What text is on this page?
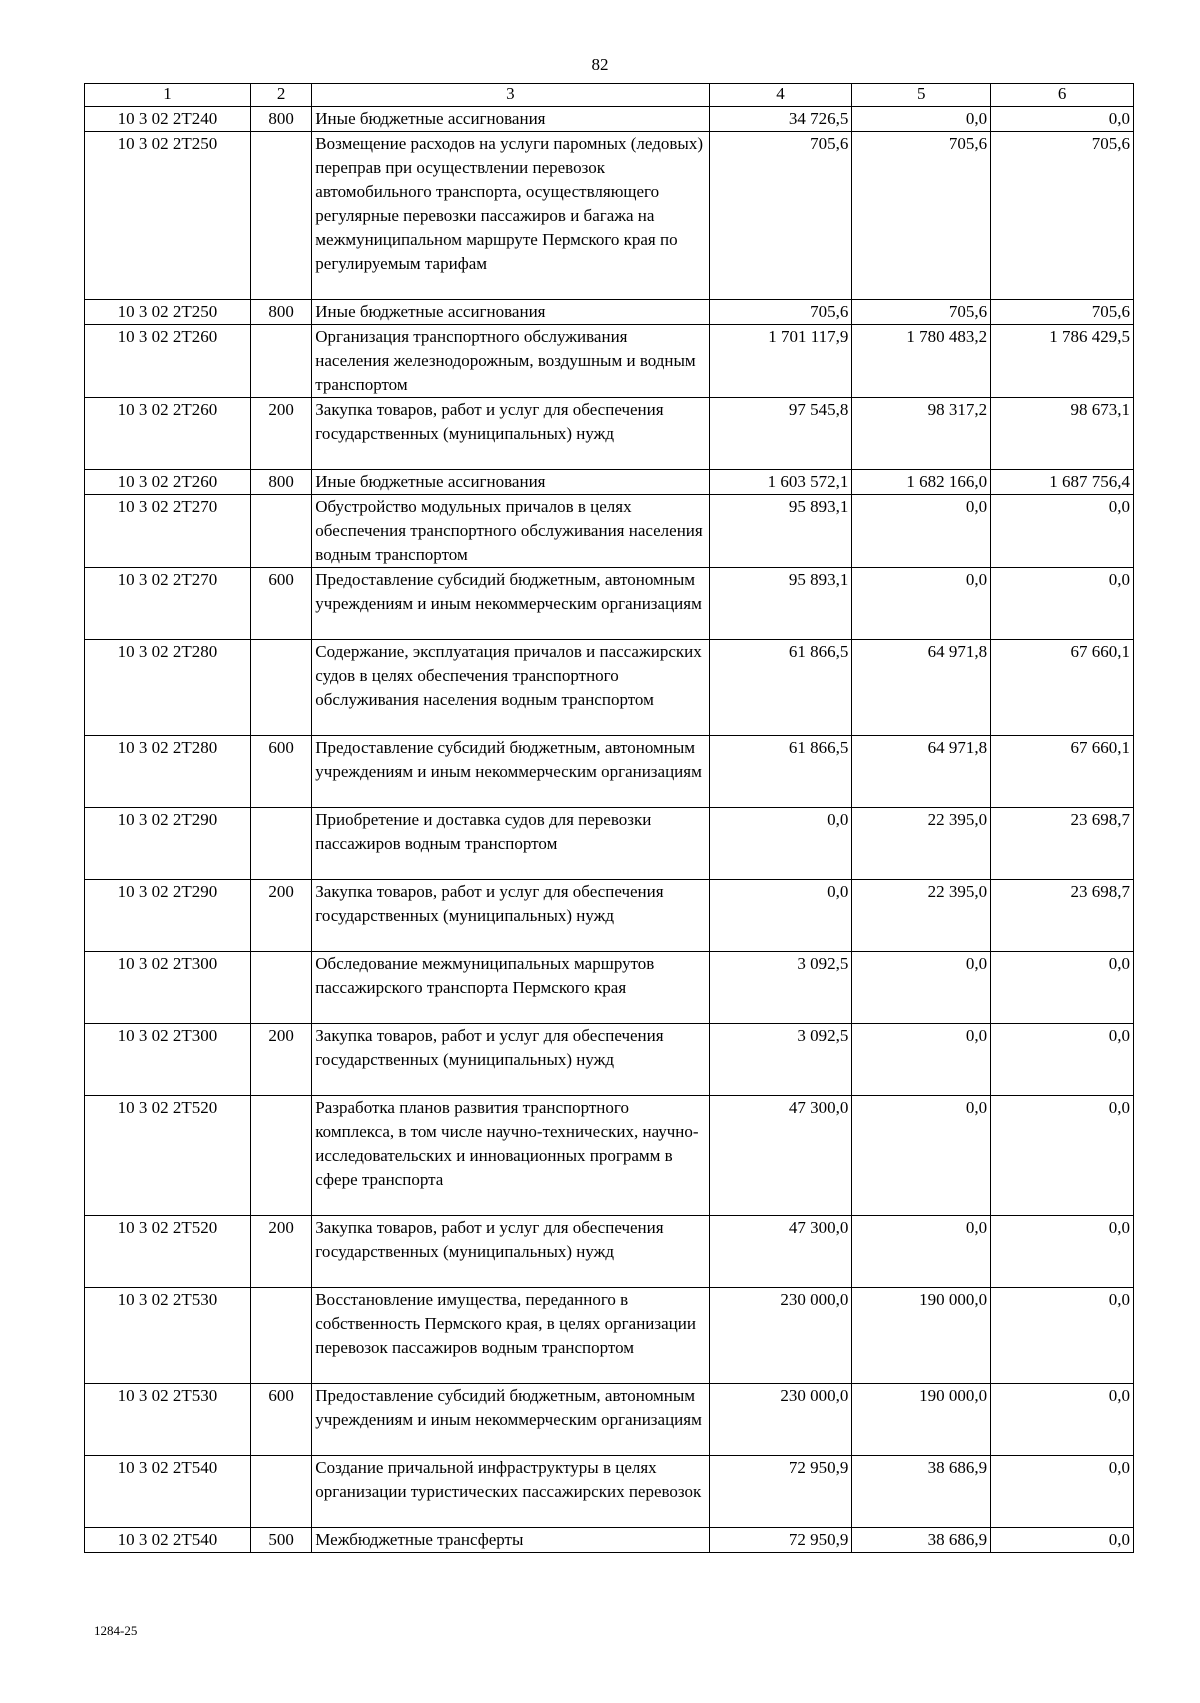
82
1	2	3	4	5	6
10 3 02 2Т240	800	Иные бюджетные ассигнования	34 726,5	0,0	0,0
10 3 02 2Т250		Возмещение расходов на услуги паромных (ледовых) переправ при осуществлении перевозок автомобильного транспорта, осуществляющего регулярные перевозки пассажиров и багажа на межмуниципальном маршруте Пермского края по регулируемым тарифам	705,6	705,6	705,6
10 3 02 2Т250	800	Иные бюджетные ассигнования	705,6	705,6	705,6
10 3 02 2Т260		Организация транспортного обслуживания населения железнодорожным, воздушным и водным транспортом	1 701 117,9	1 780 483,2	1 786 429,5
10 3 02 2Т260	200	Закупка товаров, работ и услуг для обеспечения государственных (муниципальных) нужд	97 545,8	98 317,2	98 673,1
10 3 02 2Т260	800	Иные бюджетные ассигнования	1 603 572,1	1 682 166,0	1 687 756,4
10 3 02 2Т270		Обустройство модульных причалов в целях обеспечения транспортного обслуживания населения водным транспортом	95 893,1	0,0	0,0
10 3 02 2Т270	600	Предоставление субсидий бюджетным, автономным учреждениям и иным некоммерческим организациям	95 893,1	0,0	0,0
10 3 02 2Т280		Содержание, эксплуатация причалов и пассажирских судов в целях обеспечения транспортного обслуживания населения водным транспортом	61 866,5	64 971,8	67 660,1
10 3 02 2Т280	600	Предоставление субсидий бюджетным, автономным учреждениям и иным некоммерческим организациям	61 866,5	64 971,8	67 660,1
10 3 02 2Т290		Приобретение и доставка судов для перевозки пассажиров водным транспортом	0,0	22 395,0	23 698,7
10 3 02 2Т290	200	Закупка товаров, работ и услуг для обеспечения государственных (муниципальных) нужд	0,0	22 395,0	23 698,7
10 3 02 2Т300		Обследование межмуниципальных маршрутов пассажирского транспорта Пермского края	3 092,5	0,0	0,0
10 3 02 2Т300	200	Закупка товаров, работ и услуг для обеспечения государственных (муниципальных) нужд	3 092,5	0,0	0,0
10 3 02 2Т520		Разработка планов развития транспортного комплекса, в том числе научно-технических, научно-исследовательских и инновационных программ в сфере транспорта	47 300,0	0,0	0,0
10 3 02 2Т520	200	Закупка товаров, работ и услуг для обеспечения государственных (муниципальных) нужд	47 300,0	0,0	0,0
10 3 02 2Т530		Восстановление имущества, переданного в собственность Пермского края, в целях организации перевозок пассажиров водным транспортом	230 000,0	190 000,0	0,0
10 3 02 2Т530	600	Предоставление субсидий бюджетным, автономным учреждениям и иным некоммерческим организациям	230 000,0	190 000,0	0,0
10 3 02 2Т540		Создание причальной инфраструктуры в целях организации туристических пассажирских перевозок	72 950,9	38 686,9	0,0
10 3 02 2Т540	500	Межбюджетные трансферты	72 950,9	38 686,9	0,0
1284-25
